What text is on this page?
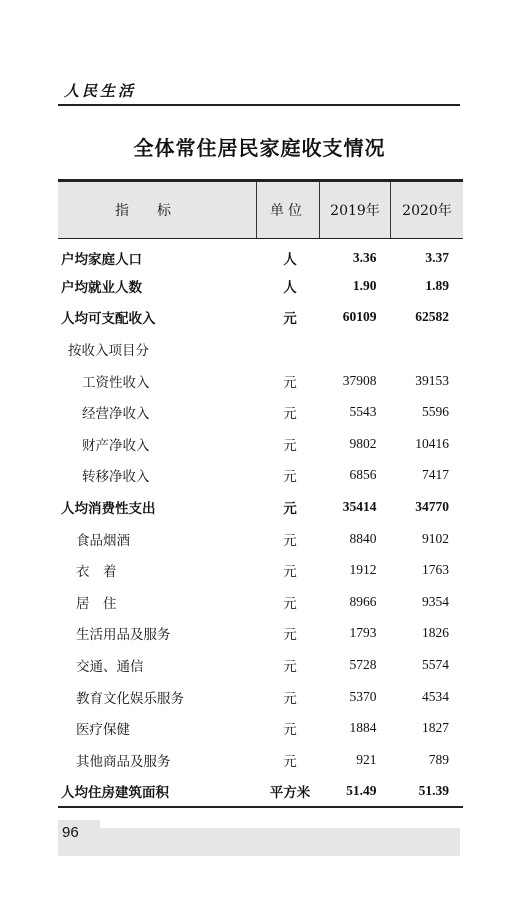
人民生活
全体常住居民家庭收支情况
指标	单位	2019年	2020年
户均家庭人口	人	3.36	3.37
户均就业人数	人	1.90	1.89
人均可支配收入	元	60109	62582
按收入项目分			
工资性收入	元	37908	39153
经营净收入	元	5543	5596
财产净收入	元	9802	10416
转移净收入	元	6856	7417
人均消费性支出	元	35414	34770
食品烟酒	元	8840	9102
衣　着	元	1912	1763
居　住	元	8966	9354
生活用品及服务	元	1793	1826
交通、通信	元	5728	5574
教育文化娱乐服务	元	5370	4534
医疗保健	元	1884	1827
其他商品及服务	元	921	789
人均住房建筑面积	平方米	51.49	51.39
96
